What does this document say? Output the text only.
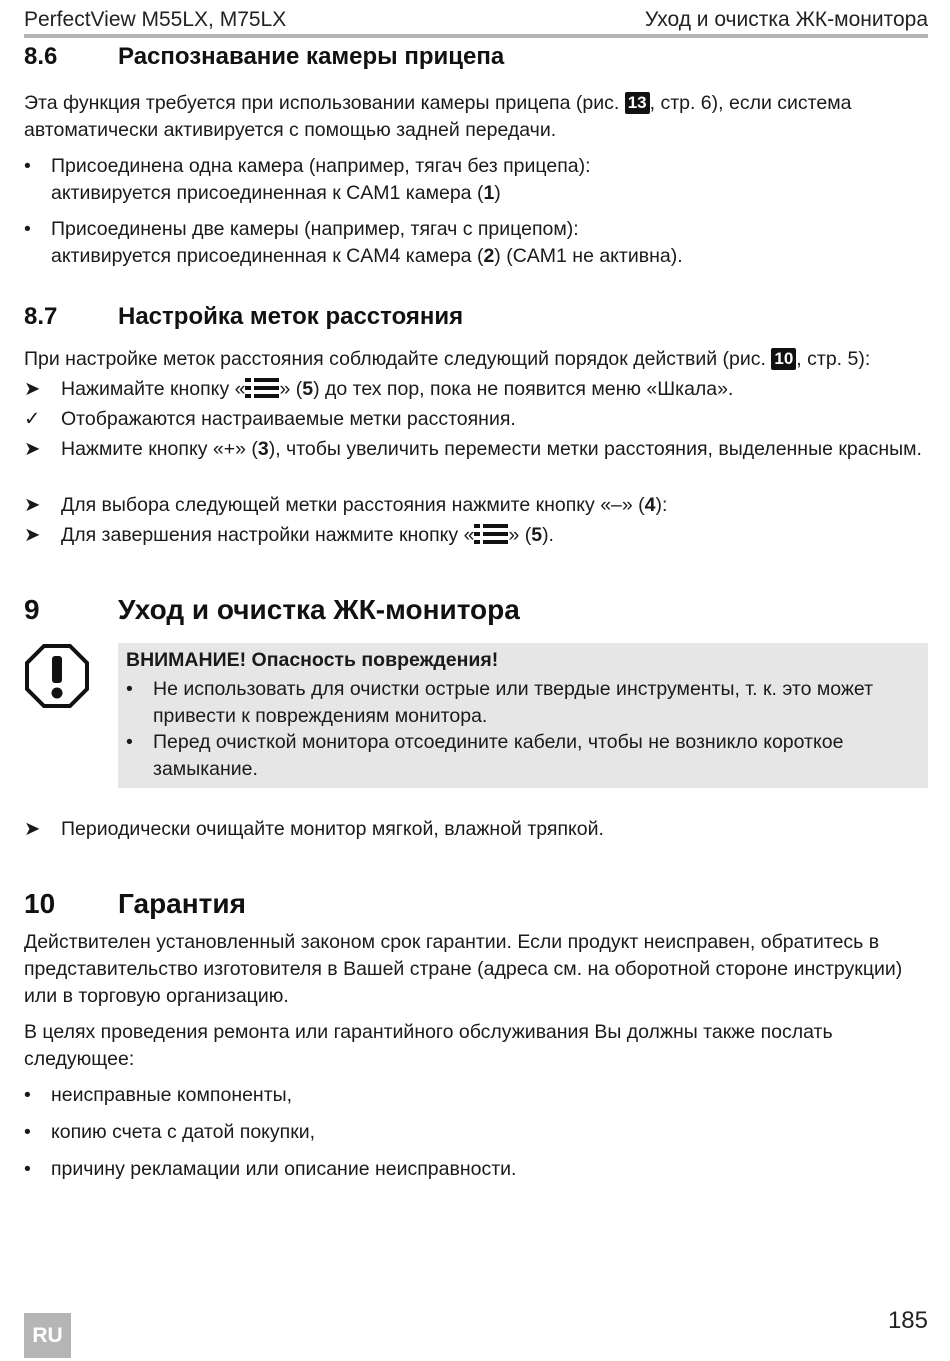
PerfectView M55LX, M75LX	Уход и очистка ЖК-монитора
8.6	Распознавание камеры прицепа
Эта функция требуется при использовании камеры прицепа (рис. 13 , стр. 6), если система автоматически активируется с помощью задней передачи.
• Присоединена одна камера (например, тягач без прицепа):
активируется присоединенная к CAM1 камера (1)
• Присоединены две камеры (например, тягач с прицепом):
активируется присоединенная к CAM4 камера (2) (CAM1 не активна).
8.7	Настройка меток расстояния
При настройке меток расстояния соблюдайте следующий порядок действий (рис. 10 , стр. 5):
➤	Нажимайте кнопку « » (5) до тех пор, пока не появится меню «Шкала».
✓	Отображаются настраиваемые метки расстояния.
➤	Нажмите кнопку «+» (3), чтобы увеличить перемести метки расстояния, выделенные красным.
➤	Для выбора следующей метки расстояния нажмите кнопку «–» (4):
➤	Для завершения настройки нажмите кнопку « » (5).
9	Уход и очистка ЖК-монитора
ВНИМАНИЕ! Опасность повреждения!
• Не использовать для очистки острые или твердые инструменты, т. к. это может привести к повреждениям монитора.
• Перед очисткой монитора отсоедините кабели, чтобы не возникло короткое замыкание.
➤	Периодически очищайте монитор мягкой, влажной тряпкой.
10 Гарантия
Действителен установленный законом срок гарантии. Если продукт неисправен, обратитесь в представительство изготовителя в Вашей стране (адреса см. на оборотной стороне инструкции) или в торговую организацию.
В целях проведения ремонта или гарантийного обслуживания Вы должны также послать следующее:
• неисправные компоненты,
• копию счета с датой покупки,
• причину рекламации или описание неисправности.
185
RU
